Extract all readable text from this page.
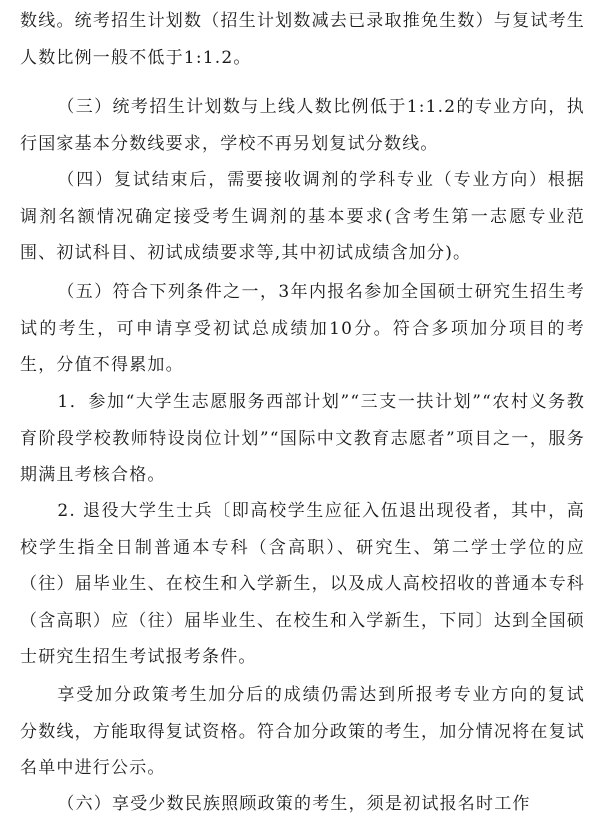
数线。统考招生计划数（招生计划数减去已录取推免生数）与复试考生人数比例一般不低于1:1.2。

（三）统考招生计划数与上线人数比例低于1:1.2的专业方向，执行国家基本分数线要求，学校不再另划复试分数线。

（四）复试结束后，需要接收调剂的学科专业（专业方向）根据调剂名额情况确定接受考生调剂的基本要求(含考生第一志愿专业范围、初试科目、初试成绩要求等,其中初试成绩含加分)。

（五）符合下列条件之一，3年内报名参加全国硕士研究生招生考试的考生，可申请享受初试总成绩加10分。符合多项加分项目的考生，分值不得累加。

1．参加“大学生志愿服务西部计划”“三支一扶计划”“农村义务教育阶段学校教师特设岗位计划”“国际中文教育志愿者”项目之一，服务期满且考核合格。

2. 退役大学生士兵〔即高校学生应征入伍退出现役者，其中，高校学生指全日制普通本专科（含高职）、研究生、第二学士学位的应（往）届毕业生、在校生和入学新生，以及成人高校招收的普通本专科（含高职）应（往）届毕业生、在校生和入学新生，下同〕达到全国硕士研究生招生考试报考条件。

享受加分政策考生加分后的成绩仍需达到所报考专业方向的复试分数线，方能取得复试资格。符合加分政策的考生，加分情况将在复试名单中进行公示。

（六）享受少数民族照顾政策的考生，须是初试报名时工作
